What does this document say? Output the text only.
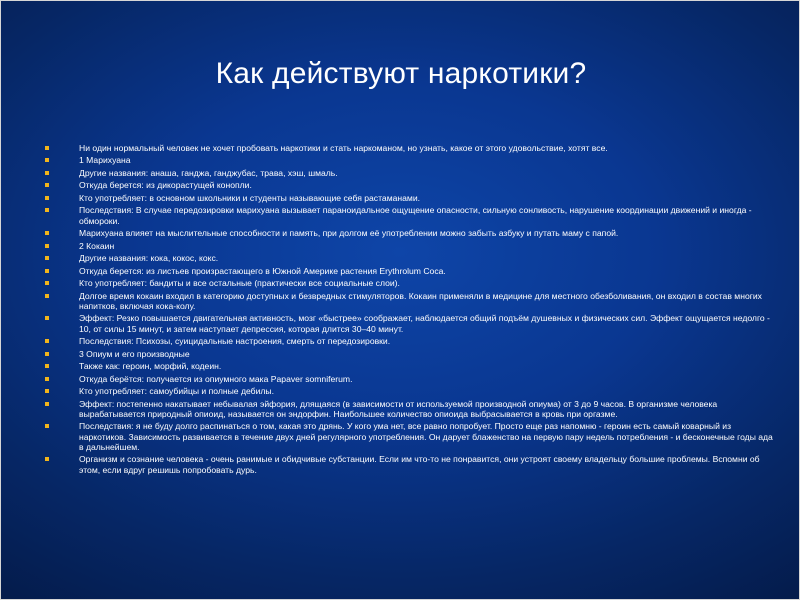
Как действуют наркотики?
Ни один нормальный человек не хочет пробовать наркотики и стать наркоманом, но узнать, какое от этого удовольствие, хотят все.
1 Марихуана
Другие названия: анаша, ганджа, ганджубас, трава, хэш, шмаль.
Откуда берется: из дикорастущей конопли.
Кто употребляет: в основном школьники и студенты называющие себя растаманами.
Последствия: В случае передозировки марихуана вызывает параноидальное ощущение опасности, сильную сонливость, нарушение координации движений и иногда - обмороки.
Марихуана влияет на мыслительные способности и память, при долгом её употреблении можно забыть азбуку и путать маму с папой.
2 Кокаин
Другие названия: кока, кокос, кокс.
Откуда берется: из листьев произрастающего в Южной Америке растения Erythrolum Coca.
Кто употребляет: бандиты и все остальные (практически все социальные слои).
Долгое время кокаин входил в категорию доступных и безвредных стимуляторов. Кокаин применяли в медицине для местного обезболивания, он входил в состав многих напитков, включая кока-колу.
Эффект: Резко повышается двигательная активность, мозг «быстрее» соображает, наблюдается общий подъём душевных и физических сил. Эффект ощущается недолго - 10, от силы 15 минут, и затем наступает депрессия, которая длится 30–40 минут.
Последствия: Психозы, суицидальные настроения, смерть от передозировки.
3 Опиум и его производные
Также как: героин, морфий, кодеин.
Откуда берётся: получается из опиумного мака Papaver somniferum.
Кто употребляет: самоубийцы и полные дебилы.
Эффект: постепенно накатывает небывалая эйфория, длящаяся (в зависимости от используемой производной опиума) от 3 до 9 часов. В организме человека вырабатывается природный опиоид, называется он эндорфин. Наибольшее количество опиоида выбрасывается в кровь при оргазме.
Последствия: я не буду долго распинаться о том, какая это дрянь. У кого ума нет, все равно попробует. Просто еще раз напомню - героин есть самый коварный из наркотиков. Зависимость развивается в течение двух дней регулярного употребления. Он дарует блаженство на первую пару недель потребления - и бесконечные годы ада в дальнейшем.
Организм и сознание человека - очень ранимые и обидчивые субстанции. Если им что-то не понравится, они устроят своему владельцу большие проблемы. Вспомни об этом, если вдруг решишь попробовать дурь.
